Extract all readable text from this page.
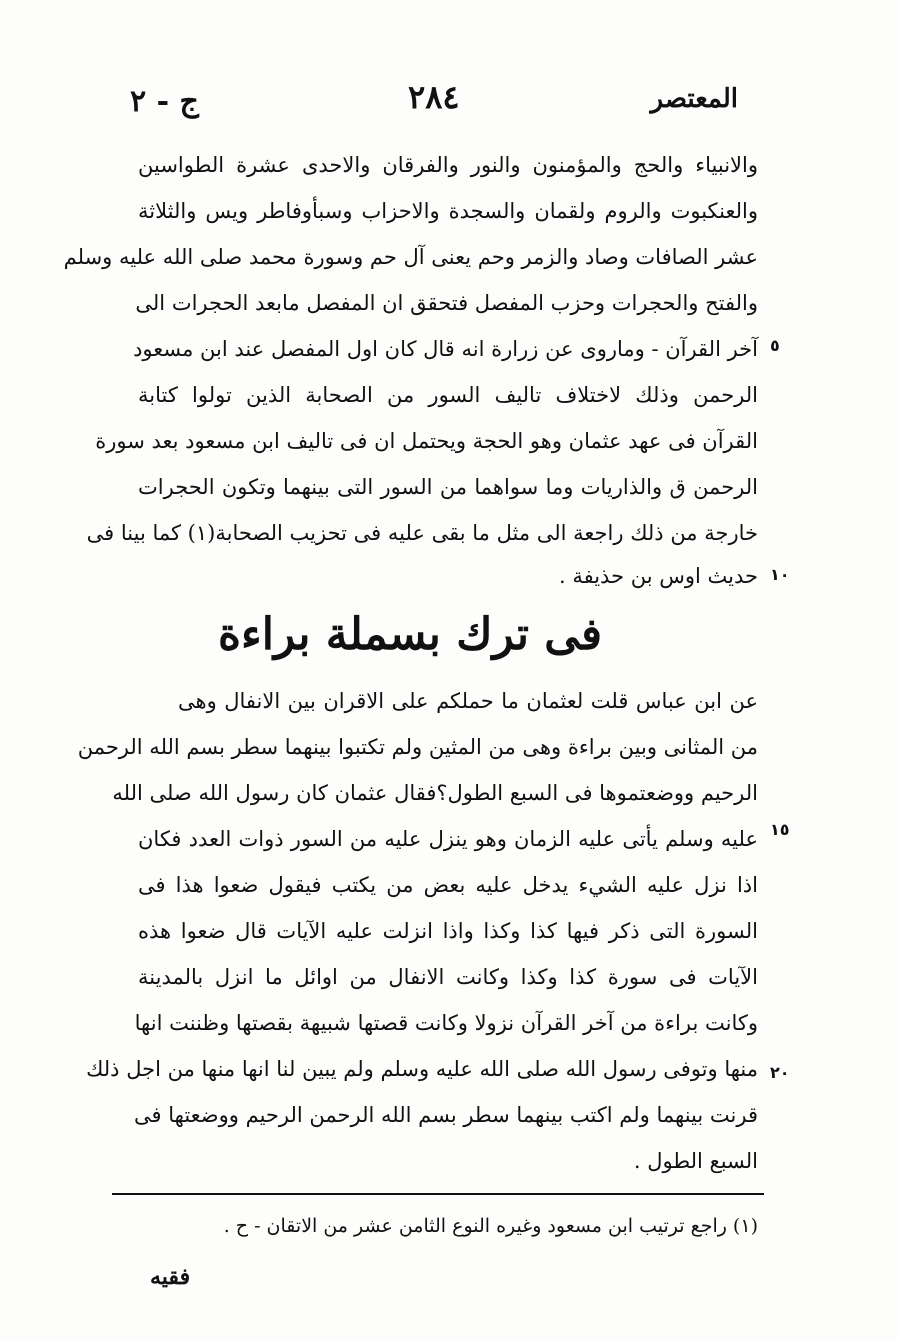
المعتصر
٢٨٤
ج - ٢
والانبياء والحج والمؤمنون والنور والفرقان والاحدى عشرة الطواسين
والعنكبوت والروم ولقمان والسجدة والاحزاب وسبأوفاطر ويس والثلاثة
عشر الصافات وصاد والزمر وحم يعنى آل حم وسورة محمد صلى الله عليه وسلم
والفتح والحجرات وحزب المفصل فتحقق ان المفصل مابعد الحجرات الى
آخر القرآن - وماروى عن زرارة انه قال كان اول المفصل عند ابن مسعود
الرحمن وذلك لاختلاف تاليف السور من الصحابة الذين تولوا كتابة
القرآن فى عهد عثمان وهو الحجة ويحتمل ان فى تاليف ابن مسعود بعد سورة
الرحمن ق والذاريات وما سواهما من السور التى بينهما وتكون الحجرات
خارجة من ذلك راجعة الى مثل ما بقى عليه فى تحزيب الصحابة(١) كما بينا فى
حديث اوس بن حذيفة .
٥
١٠
فى ترك بسملة براءة
عن ابن عباس قلت لعثمان ما حملكم على الاقران بين الانفال وهى
من المثانى وبين براءة وهى من المثين ولم تكتبوا بينهما سطر بسم الله الرحمن
الرحيم ووضعتموها فى السبع الطول؟فقال عثمان كان رسول الله صلى الله
عليه وسلم يأتى عليه الزمان وهو ينزل عليه من السور ذوات العدد فكان
اذا نزل عليه الشيء يدخل عليه بعض من يكتب فيقول ضعوا هذا فى
السورة التى ذكر فيها كذا وكذا واذا انزلت عليه الآيات قال ضعوا هذه
الآيات فى سورة كذا وكذا وكانت الانفال من اوائل ما انزل بالمدينة
وكانت براءة من آخر القرآن نزولا وكانت قصتها شبيهة بقصتها وظننت انها
منها وتوفى رسول الله صلى الله عليه وسلم ولم يبين لنا انها منها من اجل ذلك
قرنت بينهما ولم اكتب بينهما سطر بسم الله الرحمن الرحيم ووضعتها فى
السبع الطول .
١٥
٢٠
(١) راجع ترتيب ابن مسعود وغيره النوع الثامن عشر من الاتقان - ح .
فقيه
